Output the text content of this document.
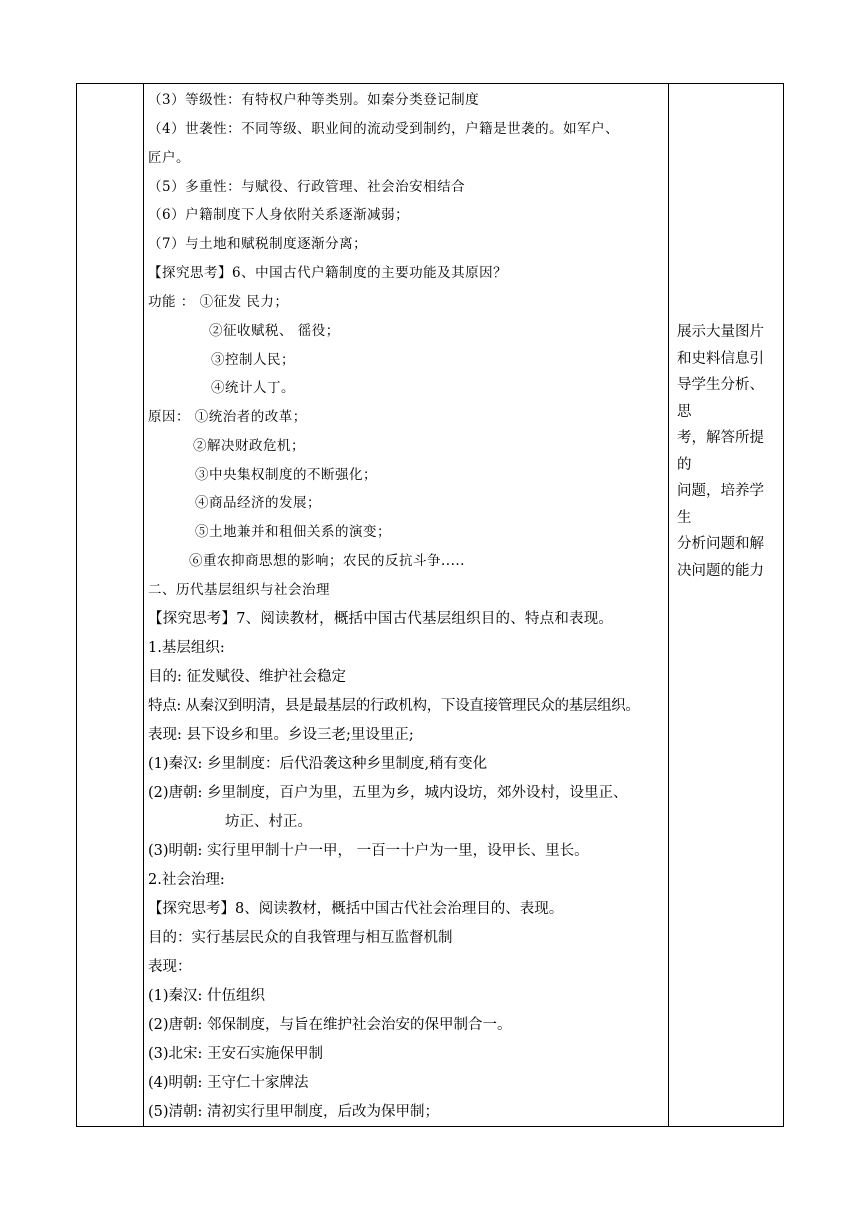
（3）等级性：有特权户种等类别。如秦分类登记制度
（4）世袭性：不同等级、职业间的流动受到制约，户籍是世袭的。如军户、
匠户。
（5）多重性：与赋役、行政管理、社会治安相结合
（6）户籍制度下人身依附关系逐渐减弱；
（7）与土地和赋税制度逐渐分离；
【探究思考】6、中国古代户籍制度的主要功能及其原因？
功能 ： ①征发 民力；
②征收赋税、 徭役；
③控制人民；
④统计人丁。
原因： ①统治者的改革；
②解决财政危机；
③中央集权制度的不断强化；
④商品经济的发展；
⑤土地兼并和租佃关系的演变；
⑥重农抑商思想的影响；农民的反抗斗争.....
二、历代基层组织与社会治理
【探究思考】7、阅读教材，概括中国古代基层组织目的、特点和表现。
1.基层组织:
目的: 征发赋役、维护社会稳定
特点: 从秦汉到明清，县是最基层的行政机构，下设直接管理民众的基层组织。
表现: 县下设乡和里。乡设三老;里设里正;
(1)秦汉: 乡里制度：后代沿袭这种乡里制度,稍有变化
(2)唐朝: 乡里制度，百户为里，五里为乡，城内设坊，郊外设村，设里正、
坊正、村正。
(3)明朝: 实行里甲制十户一甲， 一百一十户为一里，设甲长、里长。
2.社会治理:
【探究思考】8、阅读教材，概括中国古代社会治理目的、表现。
目的：实行基层民众的自我管理与相互监督机制
表现：
(1)秦汉: 什伍组织
(2)唐朝: 邻保制度，与旨在维护社会治安的保甲制合一。
(3)北宋: 王安石实施保甲制
(4)明朝: 王守仁十家牌法
(5)清朝: 清初实行里甲制度，后改为保甲制；
展示大量图片
和史料信息引
导学生分析、思
考，解答所提的
问题，培养学生
分析问题和解
决问题的能力
